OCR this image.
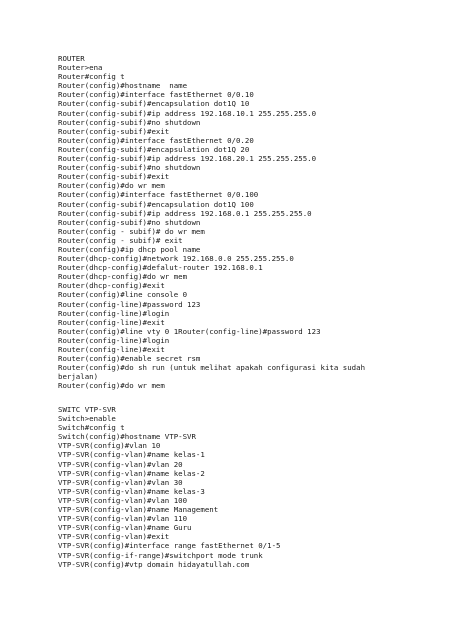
ROUTER
Router>ena
Router#config t
Router(config)#hostname  name
Router(config)#interface fastEthernet 0/0.10
Router(config-subif)#encapsulation dot1Q 10
Router(config-subif)#ip address 192.168.10.1 255.255.255.0
Router(config-subif)#no shutdown
Router(config-subif)#exit
Router(config)#interface fastEthernet 0/0.20
Router(config-subif)#encapsulation dot1Q 20
Router(config-subif)#ip address 192.168.20.1 255.255.255.0
Router(config-subif)#no shutdown
Router(config-subif)#exit
Router(config)#do wr mem
Router(config)#interface fastEthernet 0/0.100
Router(config-subif)#encapsulation dot1Q 100
Router(config-subif)#ip address 192.168.0.1 255.255.255.0
Router(config-subif)#no shutdown
Router(config - subif)# do wr mem
Router(config - subif)# exit
Router(config)#ip dhcp pool name
Router(dhcp-config)#network 192.168.0.0 255.255.255.0
Router(dhcp-config)#defalut-router 192.168.0.1
Router(dhcp-config)#do wr mem
Router(dhcp-config)#exit
Router(config)#line console 0
Router(config-line)#password 123
Router(config-line)#login
Router(config-line)#exit
Router(config)#line vty 0 1Router(config-line)#password 123
Router(config-line)#login
Router(config-line)#exit
Router(config)#enable secret rsm
Router(config)#do sh run (untuk melihat apakah configurasi kita sudah
berjalan)
Router(config)#do wr mem
SWITC VTP-SVR
Switch>enable
Switch#config t
Switch(config)#hostname VTP-SVR
VTP-SVR(config)#vlan 10
VTP-SVR(config-vlan)#name kelas-1
VTP-SVR(config-vlan)#vlan 20
VTP-SVR(config-vlan)#name kelas-2
VTP-SVR(config-vlan)#vlan 30
VTP-SVR(config-vlan)#name kelas-3
VTP-SVR(config-vlan)#vlan 100
VTP-SVR(config-vlan)#name Management
VTP-SVR(config-vlan)#vlan 110
VTP-SVR(config-vlan)#name Guru
VTP-SVR(config-vlan)#exit
VTP-SVR(config)#interface range fastEthernet 0/1-5
VTP-SVR(config-if-range)#switchport mode trunk
VTP-SVR(config)#vtp domain hidayatullah.com
